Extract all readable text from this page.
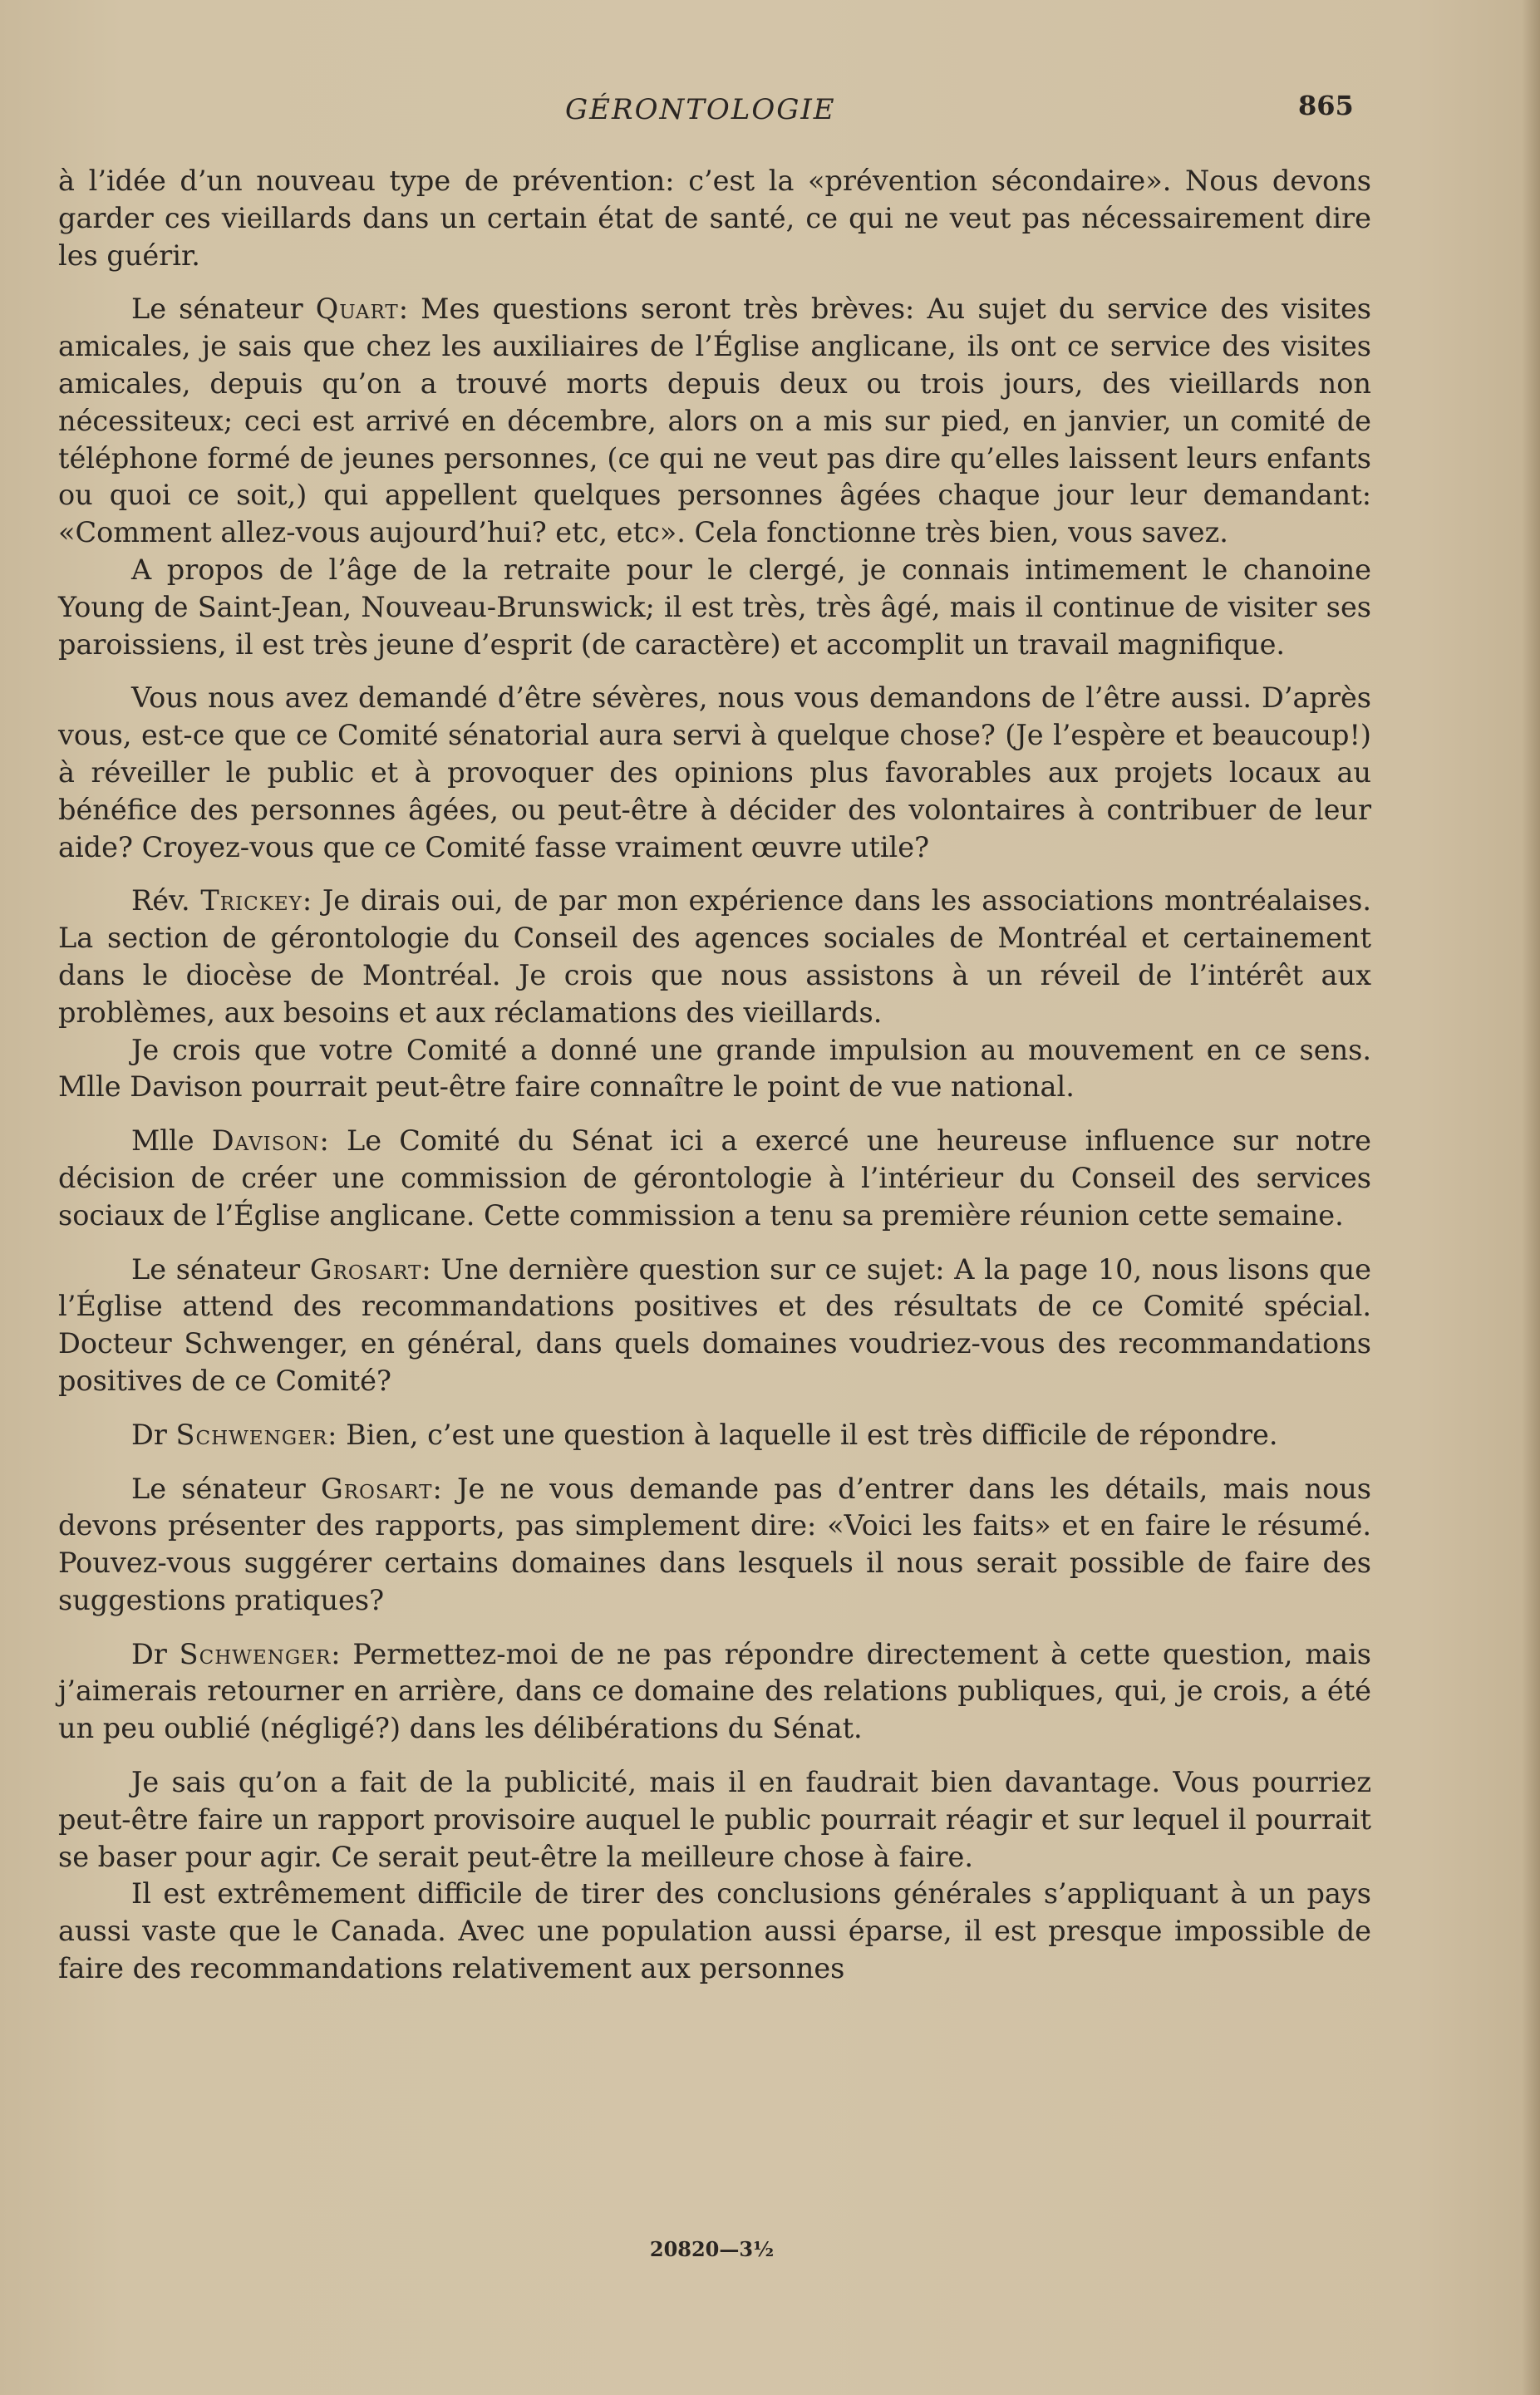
GÉRONTOLOGIE	865

à l’idée d’un nouveau type de prévention: c’est la «prévention sécondaire». Nous devons garder ces vieillards dans un certain état de santé, ce qui ne veut pas nécessairement dire les guérir.

Le sénateur Quart: Mes questions seront très brèves: Au sujet du service des visites amicales, je sais que chez les auxiliaires de l’Église anglicane, ils ont ce service des visites amicales, depuis qu’on a trouvé morts depuis deux ou trois jours, des vieillards non nécessiteux; ceci est arrivé en décembre, alors on a mis sur pied, en janvier, un comité de téléphone formé de jeunes personnes, (ce qui ne veut pas dire qu’elles laissent leurs enfants ou quoi ce soit,) qui appellent quelques personnes âgées chaque jour leur demandant: «Comment allez-vous aujourd’hui? etc, etc». Cela fonctionne très bien, vous savez.

A propos de l’âge de la retraite pour le clergé, je connais intimement le chanoine Young de Saint-Jean, Nouveau-Brunswick; il est très, très âgé, mais il continue de visiter ses paroissiens, il est très jeune d’esprit (de caractère) et accomplit un travail magnifique.

Vous nous avez demandé d’être sévères, nous vous demandons de l’être aussi. D’après vous, est-ce que ce Comité sénatorial aura servi à quelque chose? (Je l’espère et beaucoup!) à réveiller le public et à provoquer des opinions plus favorables aux projets locaux au bénéfice des personnes âgées, ou peut-être à décider des volontaires à contribuer de leur aide? Croyez-vous que ce Comité fasse vraiment œuvre utile?

Rév. Trickey: Je dirais oui, de par mon expérience dans les associations montréalaises. La section de gérontologie du Conseil des agences sociales de Montréal et certainement dans le diocèse de Montréal. Je crois que nous assistons à un réveil de l’intérêt aux problèmes, aux besoins et aux réclamations des vieillards.

Je crois que votre Comité a donné une grande impulsion au mouvement en ce sens. Mlle Davison pourrait peut-être faire connaître le point de vue national.

Mlle Davison: Le Comité du Sénat ici a exercé une heureuse influence sur notre décision de créer une commission de gérontologie à l’intérieur du Conseil des services sociaux de l’Église anglicane. Cette commission a tenu sa première réunion cette semaine.

Le sénateur Grosart: Une dernière question sur ce sujet: A la page 10, nous lisons que l’Église attend des recommandations positives et des résultats de ce Comité spécial. Docteur Schwenger, en général, dans quels domaines voudriez-vous des recommandations positives de ce Comité?

Dr Schwenger: Bien, c’est une question à laquelle il est très difficile de répondre.

Le sénateur Grosart: Je ne vous demande pas d’entrer dans les détails, mais nous devons présenter des rapports, pas simplement dire: «Voici les faits» et en faire le résumé. Pouvez-vous suggérer certains domaines dans lesquels il nous serait possible de faire des suggestions pratiques?

Dr Schwenger: Permettez-moi de ne pas répondre directement à cette question, mais j’aimerais retourner en arrière, dans ce domaine des relations publiques, qui, je crois, a été un peu oublié (négligé?) dans les délibérations du Sénat.

Je sais qu’on a fait de la publicité, mais il en faudrait bien davantage. Vous pourriez peut-être faire un rapport provisoire auquel le public pourrait réagir et sur lequel il pourrait se baser pour agir. Ce serait peut-être la meilleure chose à faire.

Il est extrêmement difficile de tirer des conclusions générales s’appliquant à un pays aussi vaste que le Canada. Avec une population aussi éparse, il est presque impossible de faire des recommandations relativement aux personnes

20820—3½
